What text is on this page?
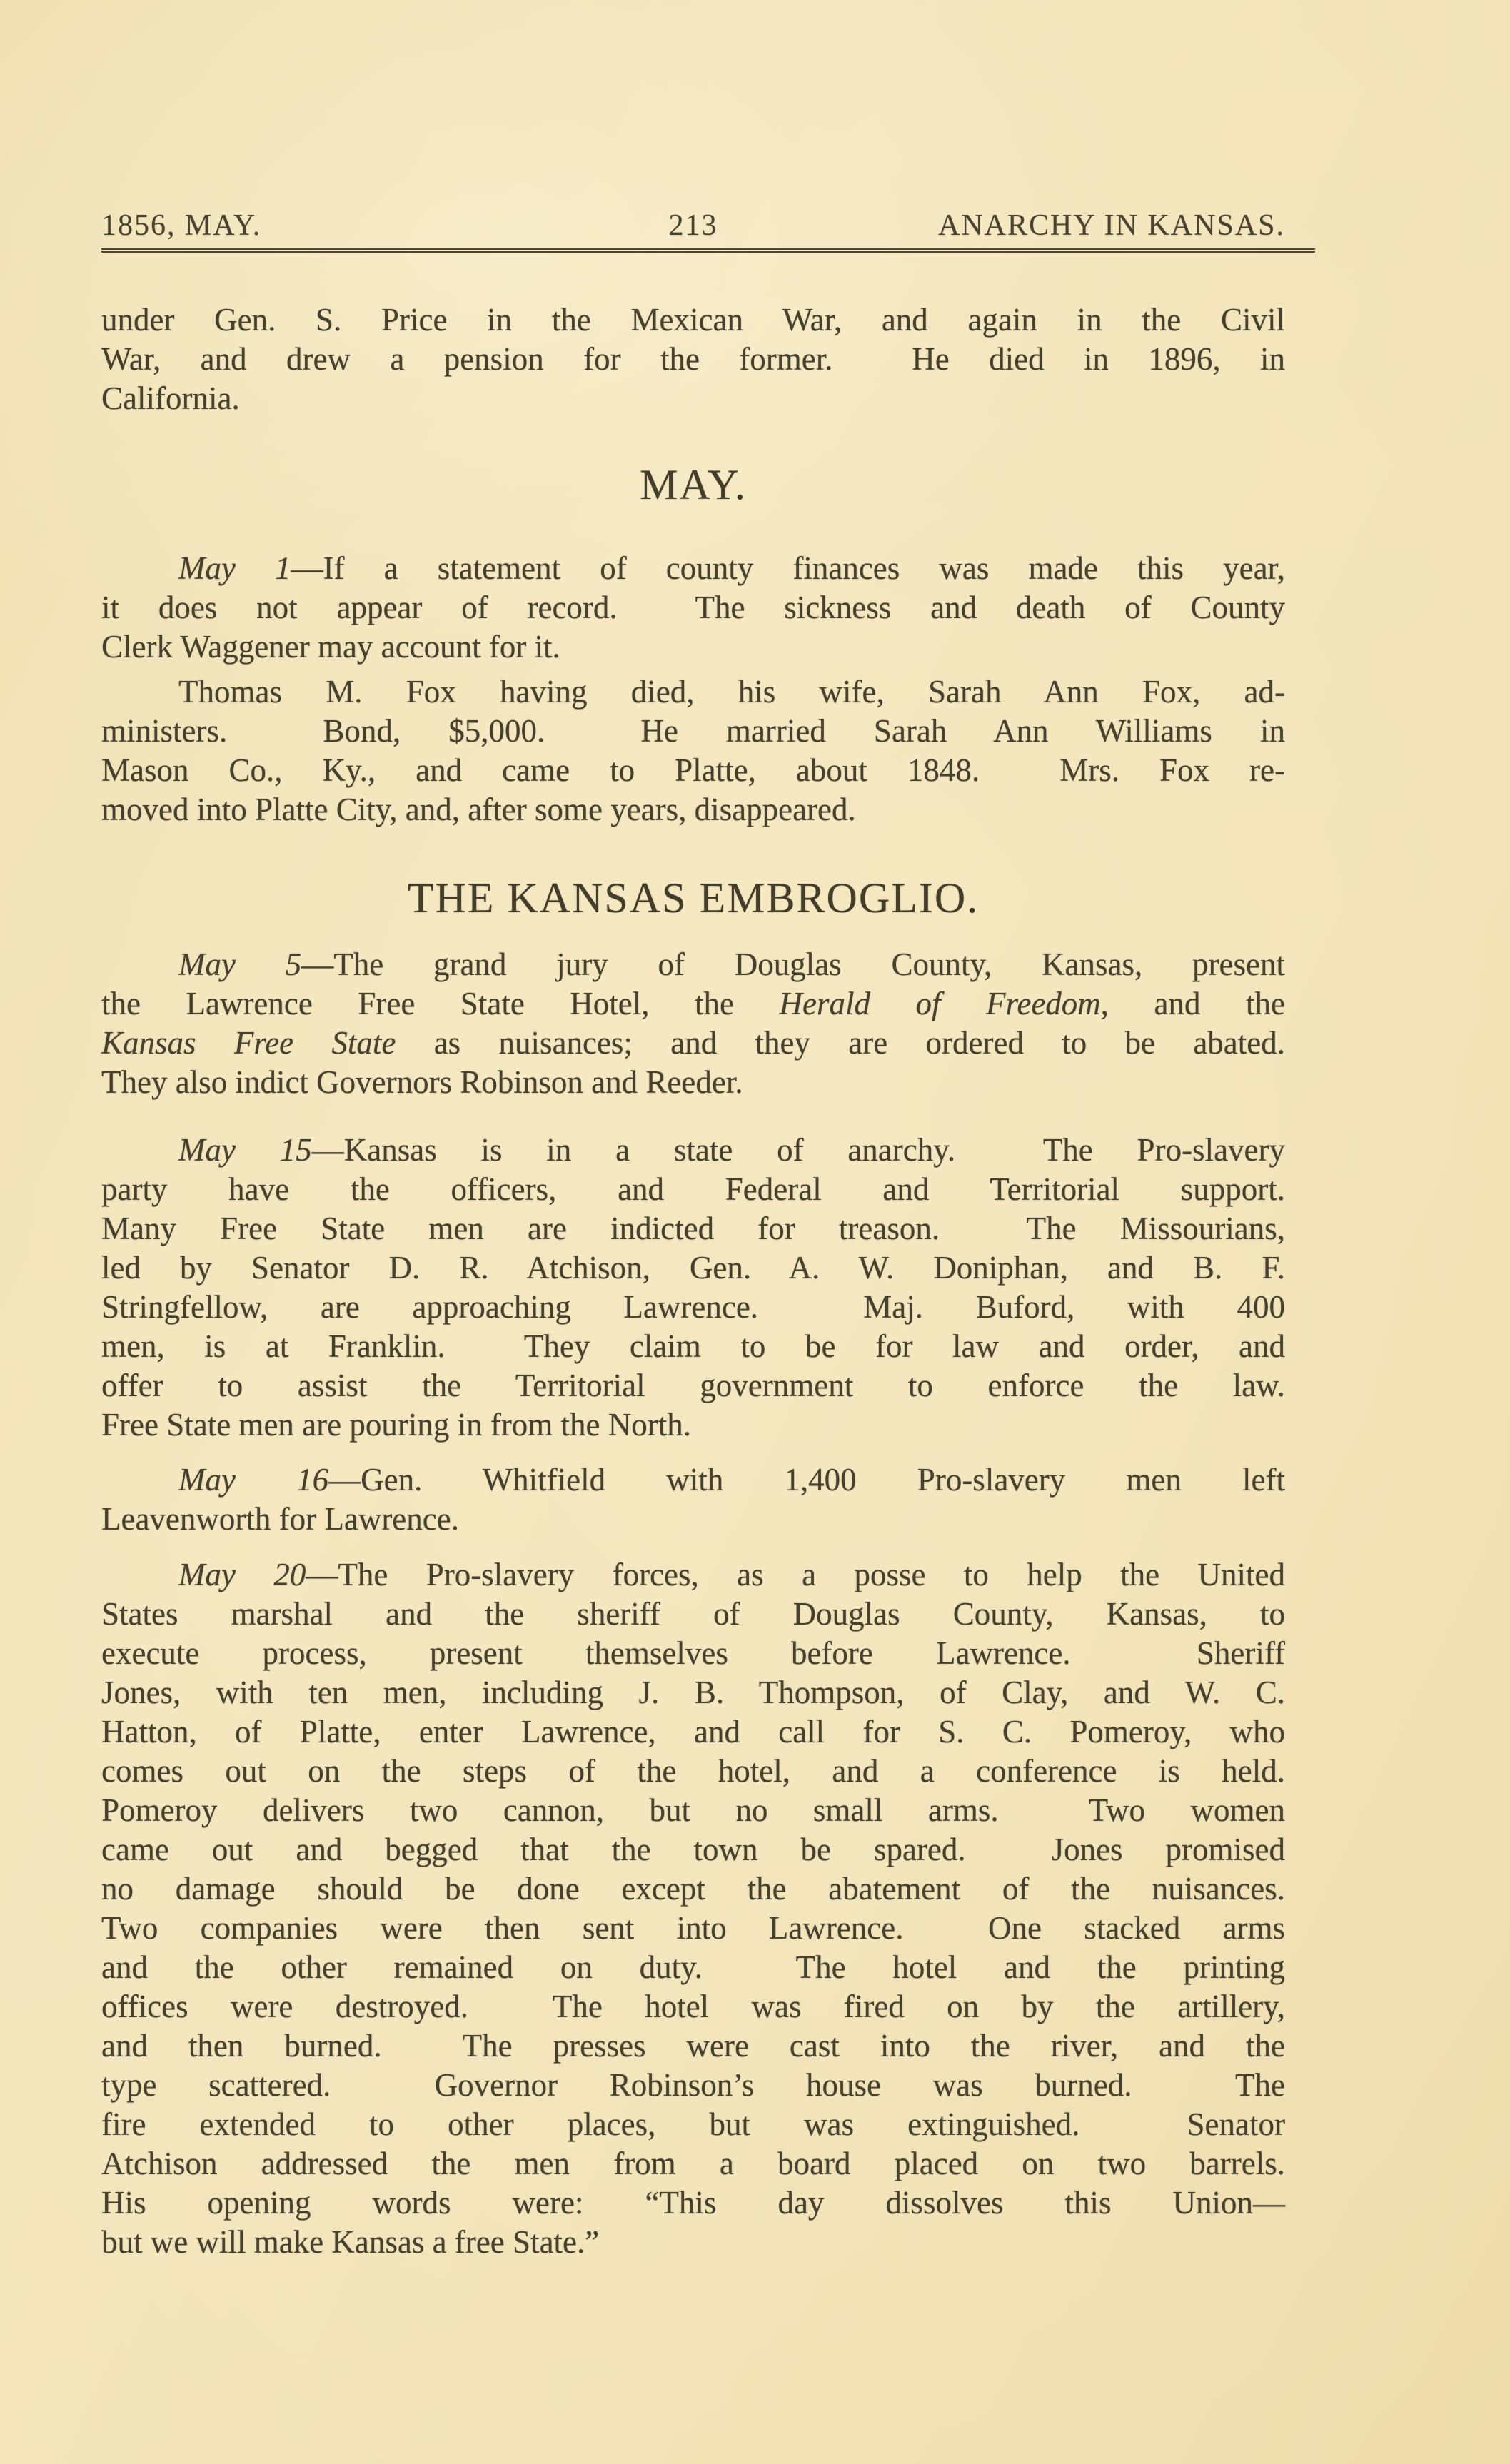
1856, MAY.	213	ANARCHY IN KANSAS.
under Gen. S. Price in the Mexican War, and again in the Civil
War, and drew a pension for the former.  He died in 1896, in
California.
MAY.
May 1—If a statement of county finances was made this year,
it does not appear of record.  The sickness and death of County
Clerk Waggener may account for it.
Thomas M. Fox having died, his wife, Sarah Ann Fox, ad-
ministers.  Bond, $5,000.  He married Sarah Ann Williams in
Mason Co., Ky., and came to Platte, about 1848.  Mrs. Fox re-
moved into Platte City, and, after some years, disappeared.
THE KANSAS EMBROGLIO.
May 5—The grand jury of Douglas County, Kansas, present
the Lawrence Free State Hotel, the Herald of Freedom, and the
Kansas Free State as nuisances; and they are ordered to be abated.
They also indict Governors Robinson and Reeder.
May 15—Kansas is in a state of anarchy.  The Pro-slavery
party have the officers, and Federal and Territorial support.
Many Free State men are indicted for treason.  The Missourians,
led by Senator D. R. Atchison, Gen. A. W. Doniphan, and B. F.
Stringfellow, are approaching Lawrence.  Maj. Buford, with 400
men, is at Franklin.  They claim to be for law and order, and
offer to assist the Territorial government to enforce the law.
Free State men are pouring in from the North.
May 16—Gen. Whitfield with 1,400 Pro-slavery men left
Leavenworth for Lawrence.
May 20—The Pro-slavery forces, as a posse to help the United
States marshal and the sheriff of Douglas County, Kansas, to
execute process, present themselves before Lawrence.  Sheriff
Jones, with ten men, including J. B. Thompson, of Clay, and W. C.
Hatton, of Platte, enter Lawrence, and call for S. C. Pomeroy, who
comes out on the steps of the hotel, and a conference is held.
Pomeroy delivers two cannon, but no small arms.  Two women
came out and begged that the town be spared.  Jones promised
no damage should be done except the abatement of the nuisances.
Two companies were then sent into Lawrence.  One stacked arms
and the other remained on duty.  The hotel and the printing
offices were destroyed.  The hotel was fired on by the artillery,
and then burned.  The presses were cast into the river, and the
type scattered.  Governor Robinson’s house was burned.  The
fire extended to other places, but was extinguished.  Senator
Atchison addressed the men from a board placed on two barrels.
His opening words were: “This day dissolves this Union—
but we will make Kansas a free State.”
